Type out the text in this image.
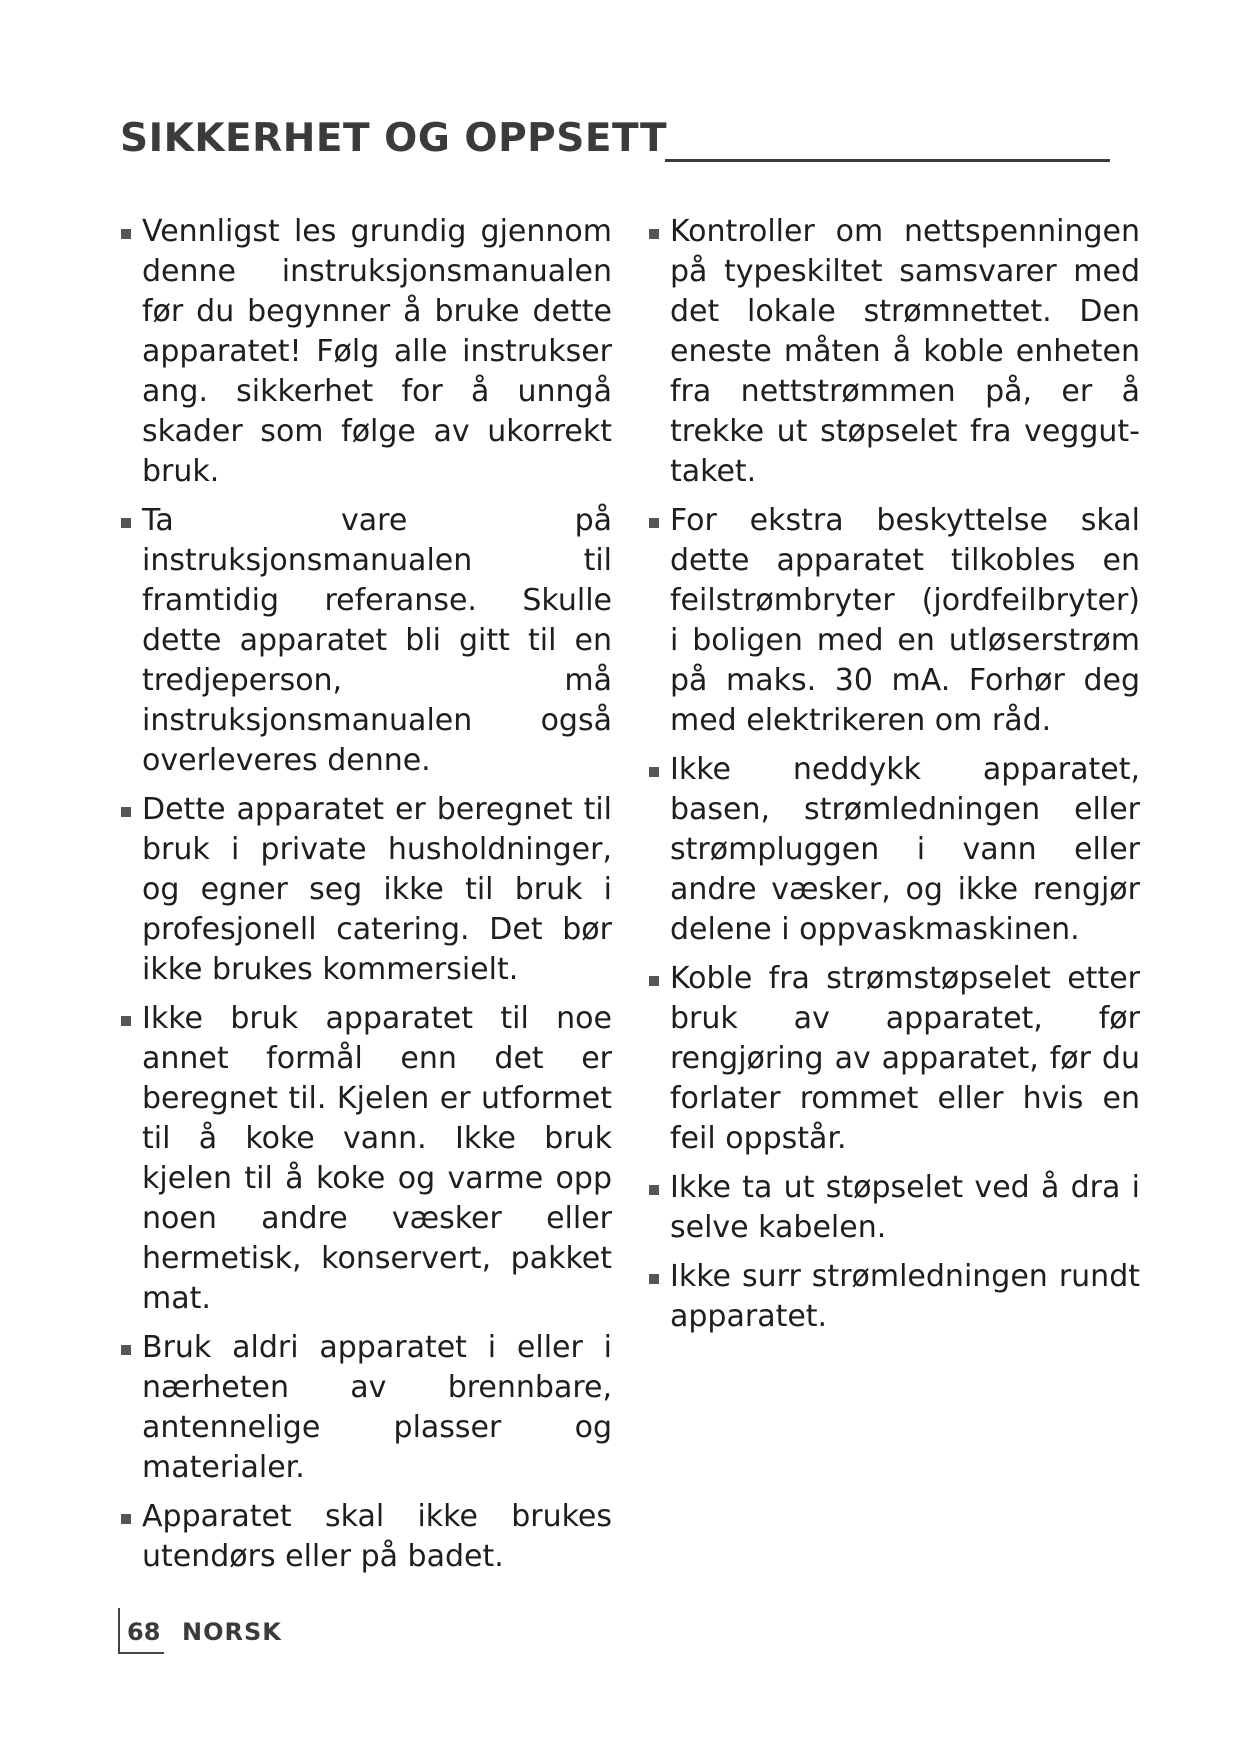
SIKKERHET OG OPPSETT
Vennligst les grundig gjennom denne instruksjonsmanualen før du begynner å bruke dette apparatet! Følg alle instrukser ang. sikkerhet for å unngå skader som følge av ukorrekt bruk.
Ta vare på instruksjonsmanualen til framtidig referanse. Skulle dette apparatet bli gitt til en tredjeperson, må instruksjonsmanualen også overleveres denne.
Dette apparatet er beregnet til bruk i private husholdninger, og egner seg ikke til bruk i profesjonell catering. Det bør ikke brukes kommersielt.
Ikke bruk apparatet til noe annet formål enn det er beregnet til. Kjelen er utformet til å koke vann. Ikke bruk kjelen til å koke og varme opp noen andre væsker eller hermetisk, konservert, pakket mat.
Bruk aldri apparatet i eller i nærheten av brennbare, antennelige plasser og materialer.
Apparatet skal ikke brukes utendørs eller på badet.
Kontroller om nettspenningen på typeskiltet samsvarer med det lokale strømnettet. Den eneste måten å koble enheten fra nettstrømmen på, er å trekke ut støpselet fra vegguttaket.
For ekstra beskyttelse skal dette apparatet tilkobles en feilstrømbryter (jordfeilbryter) i boligen med en utløserstrøm på maks. 30 mA. Forhør deg med elektrikeren om råd.
Ikke neddykk apparatet, basen, strømledningen eller strømpluggen i vann eller andre væsker, og ikke rengjør delene i oppvaskmaskinen.
Koble fra strømstøpselet etter bruk av apparatet, før rengjøring av apparatet, før du forlater rommet eller hvis en feil oppstår.
Ikke ta ut støpselet ved å dra i selve kabelen.
Ikke surr strømledningen rundt apparatet.
68 NORSK
